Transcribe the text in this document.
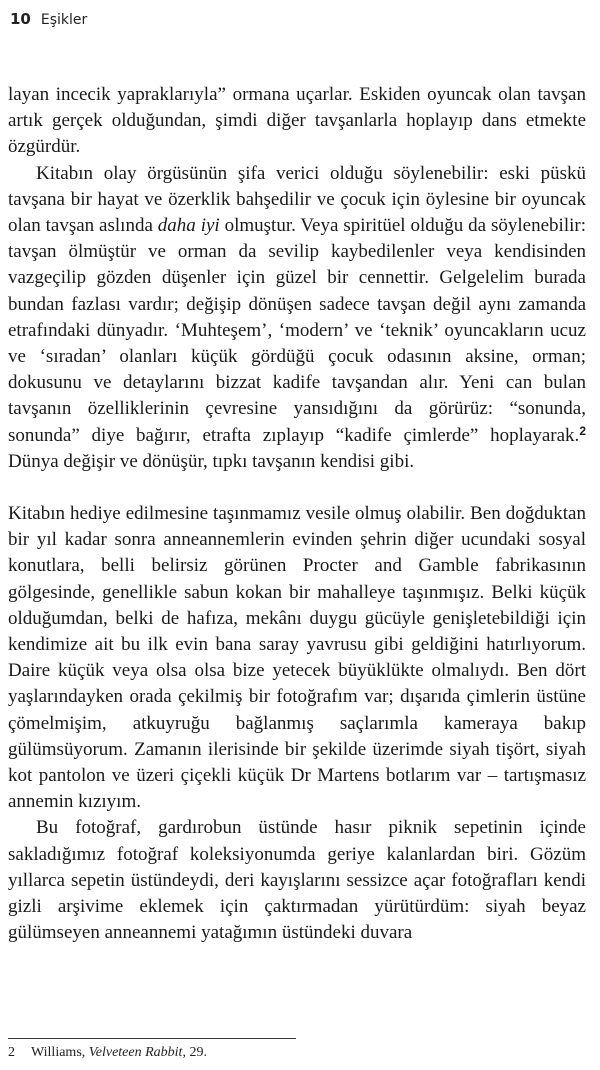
10 Eşikler

layan incecik yapraklarıyla” ormana uçarlar. Eskiden oyuncak olan tavşan artık gerçek olduğundan, şimdi diğer tavşanlarla hoplayıp dans etmekte özgürdür.

Kitabın olay örgüsünün şifa verici olduğu söylenebilir: eski püskü tavşana bir hayat ve özerklik bahşedilir ve çocuk için öylesine bir oyuncak olan tavşan aslında daha iyi olmuştur. Veya spiritüel olduğu da söylenebilir: tavşan ölmüştür ve orman da sevilip kaybedilenler veya kendisinden vazgeçilip gözden düşenler için güzel bir cennettir. Gelgelelim burada bundan fazlası vardır; değişip dönüşen sadece tavşan değil aynı zamanda etrafındaki dünyadır. ‘Muhteşem’, ‘modern’ ve ‘teknik’ oyuncakların ucuz ve ‘sıradan’ olanları küçük gördüğü çocuk odasının aksine, orman; dokusunu ve detaylarını bizzat kadife tavşandan alır. Yeni can bulan tavşanın özelliklerinin çevresine yansıdığını da görürüz: “sonunda, sonunda” diye bağırır, etrafta zıplayıp “kadife çimlerde” hoplayarak.$^2$ Dünya değişir ve dönüşür, tıpkı tavşanın kendisi gibi.

Kitabın hediye edilmesine taşınmamız vesile olmuş olabilir. Ben doğduktan bir yıl kadar sonra anneannemlerin evinden şehrin diğer ucundaki sosyal konutlara, belli belirsiz görünen Procter and Gamble fabrikasının gölgesinde, genellikle sabun kokan bir mahalleye taşınmışız. Belki küçük olduğumdan, belki de hafıza, mekânı duygu gücüyle genişletebildiği için kendimize ait bu ilk evin bana saray yavrusu gibi geldiğini hatırlıyorum. Daire küçük veya olsa olsa bize yetecek büyüklükte olmalıydı. Ben dört yaşlarındayken orada çekilmiş bir fotoğrafım var; dışarıda çimlerin üstüne çömelmişim, atkuyruğu bağlanmış saçlarımla kameraya bakıp gülümsüyorum. Zamanın ilerisinde bir şekilde üzerimde siyah tişört, siyah kot pantolon ve üzeri çiçekli küçük Dr Martens botlarım var – tartışmasız annemin kızıyım.

Bu fotoğraf, gardırobun üstünde hasır piknik sepetinin içinde sakladığımız fotoğraf koleksiyonumda geriye kalanlardan biri. Gözüm yıllarca sepetin üstündeydi, deri kayışlarını sessizce açar fotoğrafları kendi gizli arşivime eklemek için çaktırmadan yürütürdüm: siyah beyaz gülümseyen anneannemi yatağımın üstündeki duvara

2 Williams, Velveteen Rabbit, 29.
